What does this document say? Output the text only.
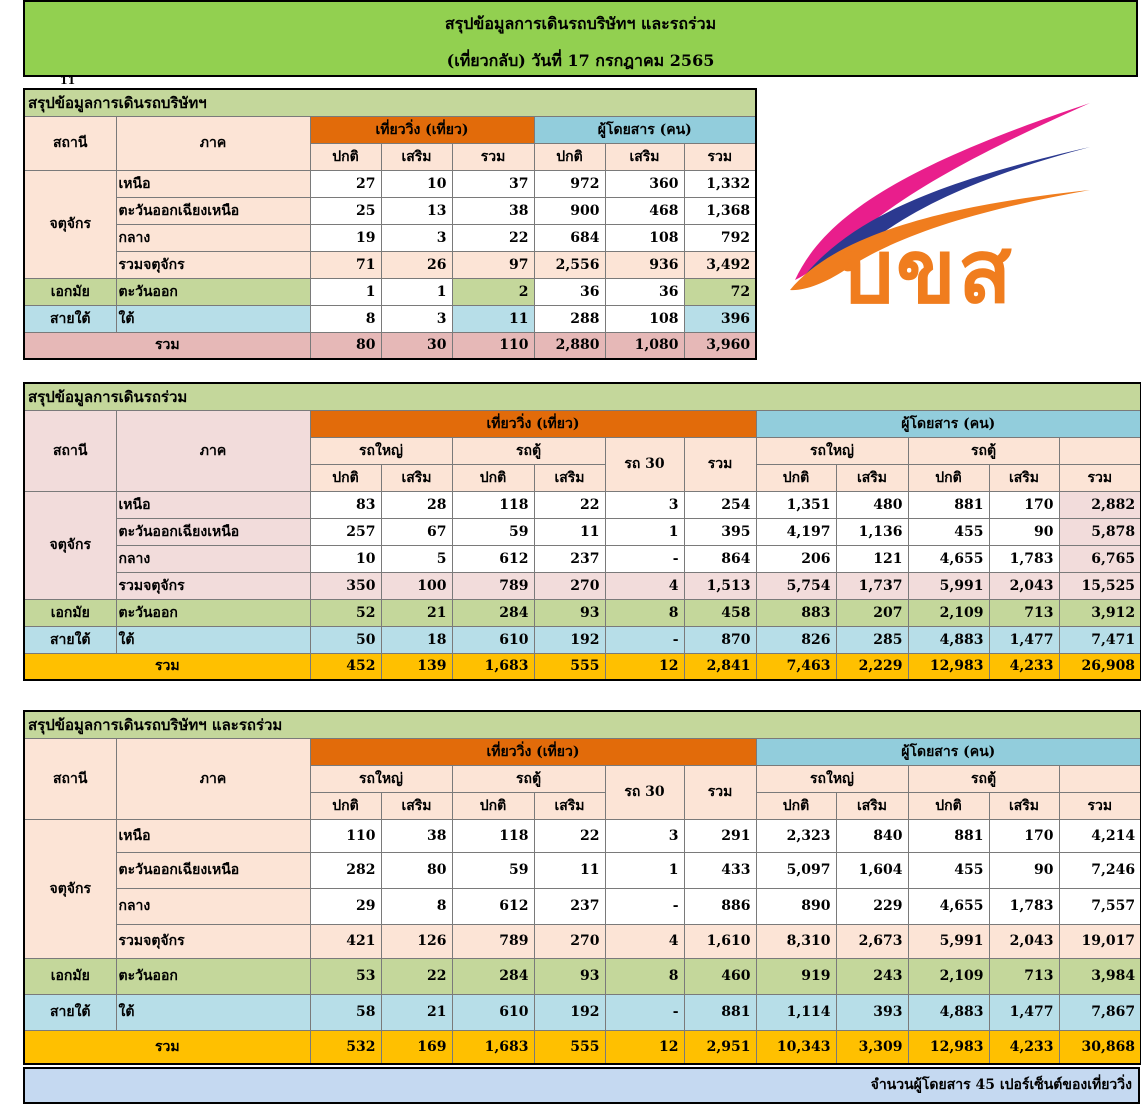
สรุปข้อมูลการเดินรถบริษัทฯ และรถร่วม
(เที่ยวกลับ) วันที่ 17 กรกฎาคม 2565
11
บขส
สรุปข้อมูลการเดินรถบริษัทฯ							
สถานี	ภาค	เที่ยววิ่ง (เที่ยว)			ผู้โดยสาร (คน)		
		ปกติ	เสริม	รวม	ปกติ	เสริม	รวม
จตุจักร	เหนือ	27	10	37	972	360	1,332
	ตะวันออกเฉียงเหนือ	25	13	38	900	468	1,368
	กลาง	19	3	22	684	108	792
	รวมจตุจักร	71	26	97	2,556	936	3,492
เอกมัย	ตะวันออก	1	1	2	36	36	72
สายใต้	ใต้	8	3	11	288	108	396
รวม		80	30	110	2,880	1,080	3,960
สรุปข้อมูลการเดินรถร่วม												
สถานี	ภาค	เที่ยววิ่ง (เที่ยว)						ผู้โดยสาร (คน)				
		รถใหญ่		รถตู้		รถ 30	รวม	รถใหญ่		รถตู้		
		ปกติ	เสริม	ปกติ	เสริม			ปกติ	เสริม	ปกติ	เสริม	รวม
จตุจักร	เหนือ	83	28	118	22	3	254	1,351	480	881	170	2,882
	ตะวันออกเฉียงเหนือ	257	67	59	11	1	395	4,197	1,136	455	90	5,878
	กลาง	10	5	612	237	-	864	206	121	4,655	1,783	6,765
	รวมจตุจักร	350	100	789	270	4	1,513	5,754	1,737	5,991	2,043	15,525
เอกมัย	ตะวันออก	52	21	284	93	8	458	883	207	2,109	713	3,912
สายใต้	ใต้	50	18	610	192	-	870	826	285	4,883	1,477	7,471
รวม		452	139	1,683	555	12	2,841	7,463	2,229	12,983	4,233	26,908
สรุปข้อมูลการเดินรถบริษัทฯ และรถร่วม												
สถานี	ภาค	เที่ยววิ่ง (เที่ยว)						ผู้โดยสาร (คน)				
		รถใหญ่		รถตู้		รถ 30	รวม	รถใหญ่		รถตู้		
		ปกติ	เสริม	ปกติ	เสริม			ปกติ	เสริม	ปกติ	เสริม	รวม
จตุจักร	เหนือ	110	38	118	22	3	291	2,323	840	881	170	4,214
	ตะวันออกเฉียงเหนือ	282	80	59	11	1	433	5,097	1,604	455	90	7,246
	กลาง	29	8	612	237	-	886	890	229	4,655	1,783	7,557
	รวมจตุจักร	421	126	789	270	4	1,610	8,310	2,673	5,991	2,043	19,017
เอกมัย	ตะวันออก	53	22	284	93	8	460	919	243	2,109	713	3,984
สายใต้	ใต้	58	21	610	192	-	881	1,114	393	4,883	1,477	7,867
รวม		532	169	1,683	555	12	2,951	10,343	3,309	12,983	4,233	30,868
จำนวนผู้โดยสาร 45 เปอร์เซ็นต์ของเที่ยววิ่ง
